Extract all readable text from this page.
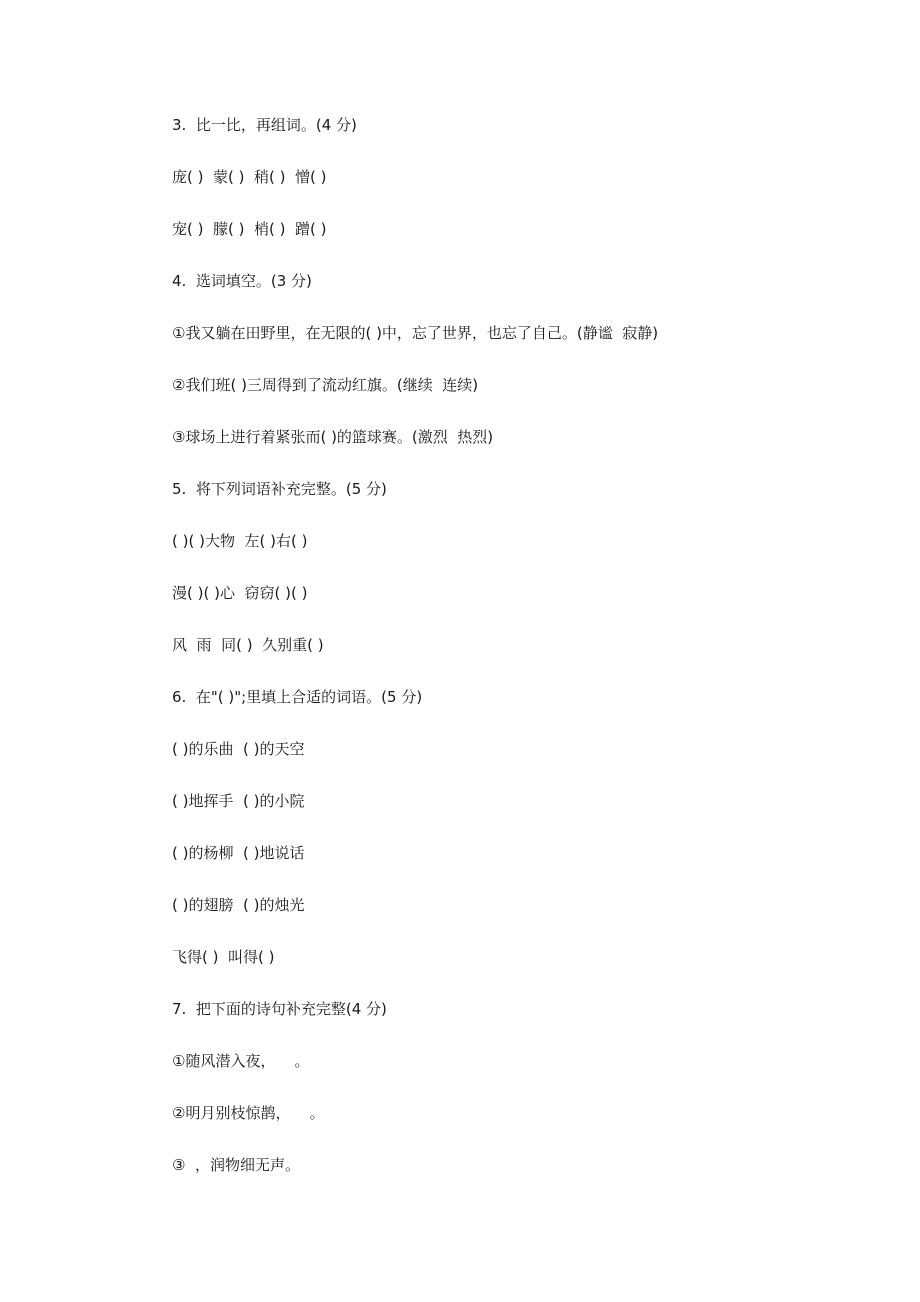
3.  比一比，再组词。(4 分)
庞( )  蒙( )  稍( )  憎( )
宠( )  朦( )  梢( )  蹭( )
4.  选词填空。(3 分)
①我又躺在田野里，在无限的( )中，忘了世界，也忘了自己。(静谧  寂静)
②我们班( )三周得到了流动红旗。(继续  连续)
③球场上进行着紧张而( )的篮球赛。(激烈  热烈)
5.  将下列词语补充完整。(5 分)
( )( )大物  左( )右( )
漫( )( )心  窃窃( )( )
风  雨  同( )  久别重( )
6.  在"( )";里填上合适的词语。(5 分)
( )的乐曲  ( )的天空
( )地挥手  ( )的小院
( )的杨柳  ( )地说话
( )的翅膀  ( )的烛光
飞得( )  叫得( )
7.  把下面的诗句补充完整(4 分)
①随风潜入夜，    。
②明月别枝惊鹊，    。
③  ，润物细无声。
